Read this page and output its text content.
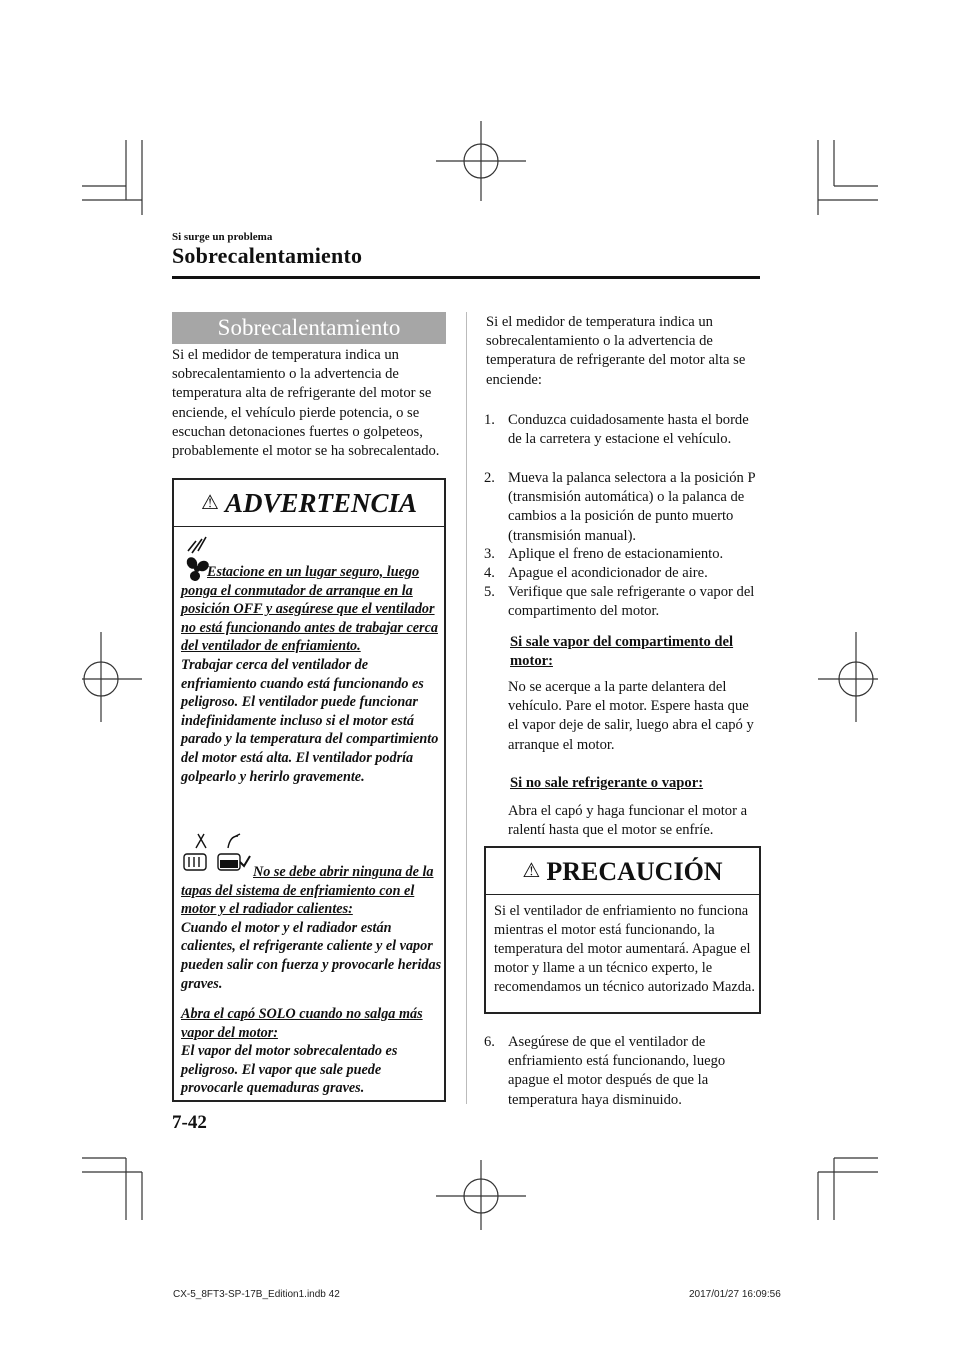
Si surge un problema
Sobrecalentamiento
Sobrecalentamiento
Si el medidor de temperatura indica un sobrecalentamiento o la advertencia de temperatura alta de refrigerante del motor se enciende, el vehículo pierde potencia, o se escuchan detonaciones fuertes o golpeteos, probablemente el motor se ha sobrecalentado.
⚠ ADVERTENCIA
Estacione en un lugar seguro, luego ponga el conmutador de arranque en la posición OFF y asegúrese que el ventilador no está funcionando antes de trabajar cerca del ventilador de enfriamiento.
Trabajar cerca del ventilador de enfriamiento cuando está funcionando es peligroso. El ventilador puede funcionar indefinidamente incluso si el motor está parado y la temperatura del compartimiento del motor está alta. El ventilador podría golpearlo y herirlo gravemente.
No se debe abrir ninguna de la tapas del sistema de enfriamiento con el motor y el radiador calientes:
Cuando el motor y el radiador están calientes, el refrigerante caliente y el vapor pueden salir con fuerza y provocarle heridas graves.
Abra el capó SOLO cuando no salga más vapor del motor:
El vapor del motor sobrecalentado es peligroso. El vapor que sale puede provocarle quemaduras graves.
Si el medidor de temperatura indica un sobrecalentamiento o la advertencia de temperatura de refrigerante del motor alta se enciende:
1. Conduzca cuidadosamente hasta el borde de la carretera y estacione el vehículo.
2. Mueva la palanca selectora a la posición P (transmisión automática) o la palanca de cambios a la posición de punto muerto (transmisión manual).
3. Aplique el freno de estacionamiento.
4. Apague el acondicionador de aire.
5. Verifique que sale refrigerante o vapor del compartimento del motor.
Si sale vapor del compartimento del motor:
No se acerque a la parte delantera del vehículo. Pare el motor. Espere hasta que el vapor deje de salir, luego abra el capó y arranque el motor.
Si no sale refrigerante o vapor:
Abra el capó y haga funcionar el motor a ralentí hasta que el motor se enfríe.
⚠ PRECAUCIÓN
Si el ventilador de enfriamiento no funciona mientras el motor está funcionando, la temperatura del motor aumentará. Apague el motor y llame a un técnico experto, le recomendamos un técnico autorizado Mazda.
6. Asegúrese de que el ventilador de enfriamiento está funcionando, luego apague el motor después de que la temperatura haya disminuido.
7-42
CX-5_8FT3-SP-17B_Edition1.indb 42	2017/01/27 16:09:56
